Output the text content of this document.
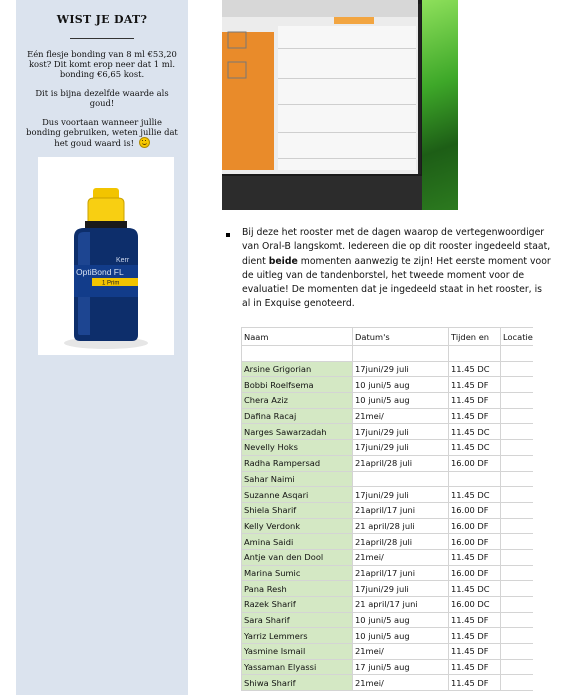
WIST JE DAT?

Eén flesje bonding van 8 ml €53,20 kost? Dit komt erop neer dat 1 ml. bonding €6,65 kost.

Dit is bijna dezelfde waarde als goud!

Dus voortaan wanneer jullie bonding gebruiken, weten jullie dat het goud waard is!

Kerr
OptiBond FL
1 Prim

Bij deze het rooster met de dagen waarop de vertegenwoordiger van Oral-B langskomt. Iedereen die op dit rooster ingedeeld staat, dient beide momenten aanwezig te zijn! Het eerste moment voor de uitleg van de tandenborstel, het tweede moment voor de evaluatie! De momenten dat je ingedeeld staat in het rooster, is al in Exquise genoteerd.

Naam	Datum's	Tijden en	Locatie

Arsine Grigorian	17juni/29 juli	11.45 DC	
Bobbi Roelfsema	10 juni/5 aug	11.45 DF	
Chera Aziz	10 juni/5 aug	11.45 DF	
Dafina Racaj	21mei/	11.45 DF	
Narges Sawarzadah	17juni/29 juli	11.45 DC	
Nevelly Hoks	17juni/29 juli	11.45 DC	
Radha Rampersad	21april/28 juli	16.00 DF	
Sahar Naimi			
Suzanne Asqari	17juni/29 juli	11.45 DC	
Shiela Sharif	21april/17 juni	16.00 DF	
Kelly Verdonk	21 april/28 juli	16.00 DF	
Amina Saidi	21april/28 juli	16.00 DF	
Antje van den Dool	21mei/	11.45 DF	
Marina Sumic	21april/17 juni	16.00 DF	
Pana Resh	17juni/29 juli	11.45 DC	
Razek Sharif	21 april/17 juni	16.00 DC	
Sara Sharif	10 juni/5 aug	11.45 DF	
Yarriz Lemmers	10 juni/5 aug	11.45 DF	
Yasmine Ismail	21mei/	11.45 DF	
Yassaman Elyassi	17 juni/5 aug	11.45 DF	
Shiwa Sharif	21mei/	11.45 DF	
